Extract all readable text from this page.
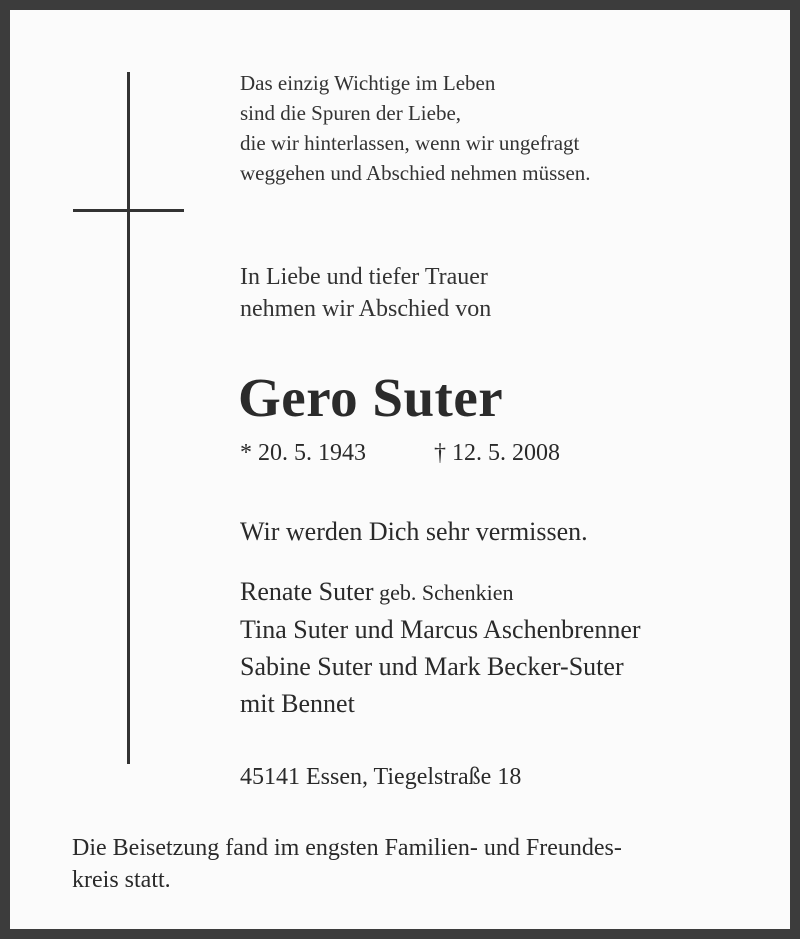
Das einzig Wichtige im Leben
sind die Spuren der Liebe,
die wir hinterlassen, wenn wir ungefragt
weggehen und Abschied nehmen müssen.
In Liebe und tiefer Trauer
nehmen wir Abschied von
Gero Suter
* 20. 5. 1943	† 12. 5. 2008
Wir werden Dich sehr vermissen.
Renate Suter geb. Schenkien
Tina Suter und Marcus Aschenbrenner
Sabine Suter und Mark Becker-Suter
mit Bennet
45141 Essen, Tiegelstraße 18
Die Beisetzung fand im engsten Familien- und Freundes-
kreis statt.
